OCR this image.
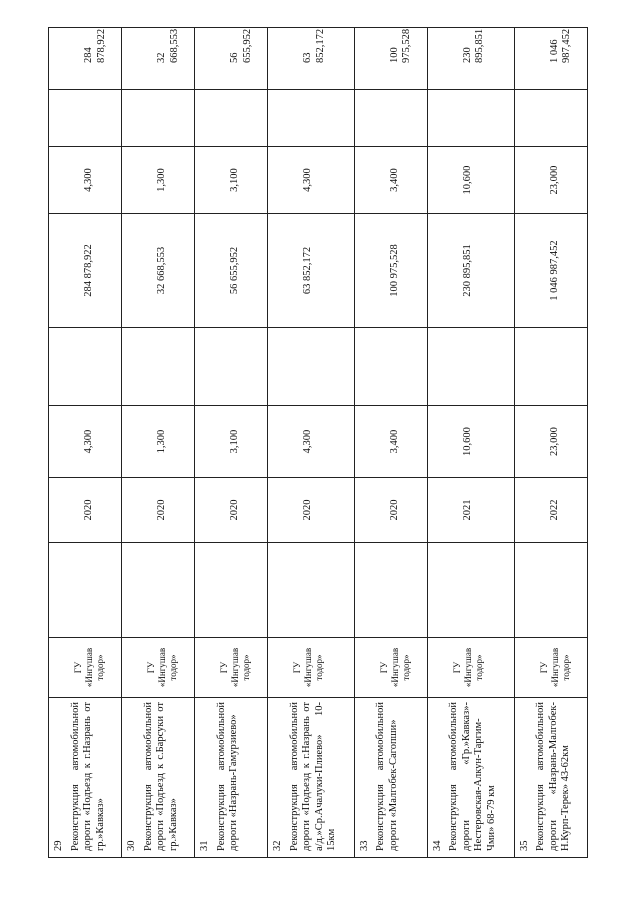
29 Реконструкция автомобильной дороги «Подъезд к г.Назрань от гр.»Кавказ»	ГУ «Ингушав тодор»		2020	4,300		284 878,922	4,300		284 878,922

30 Реконструкция автомобильной дороги «Подъезд к с.Барсуки от гр.»Кавказ»	ГУ «Ингушав тодор»		2020	1,300		32 668,553	1,300		32 668,553

31 Реконструкция автомобильной дороги «Назрань-Гамурзиево»	ГУ «Ингушав тодор»		2020	3,100		56 655,952	3,100		56 655,952

32 Реконструкция автомобильной дороги «Подъезд к г.Назрань от а/д.»Ср.Ачалуки-Плиево» 10-15км	ГУ «Ингушав тодор»		2020	4,300		63 852,172	4,300		63 852,172

33 Реконструкция автомобильной дороги «Малгобек-Сагопши»	ГУ «Ингушав тодор»		2020	3,400		100 975,528	3,400		100 975,528

34 Реконструкция автомобильной дороги «Гр.»Кавказ»-Нестеровская-Алкун-Таргим-Чми» 68-79 км	ГУ «Ингушав тодор»		2021	10,600		230 895,851	10,600		230 895,851

35 Реконструкция автомобильной дороги «Назрань-Малгобек-Н.Курп-Терек» 43-62км	ГУ «Ингушав тодор»		2022	23,000		1 046 987,452	23,000		1 046 987,452
